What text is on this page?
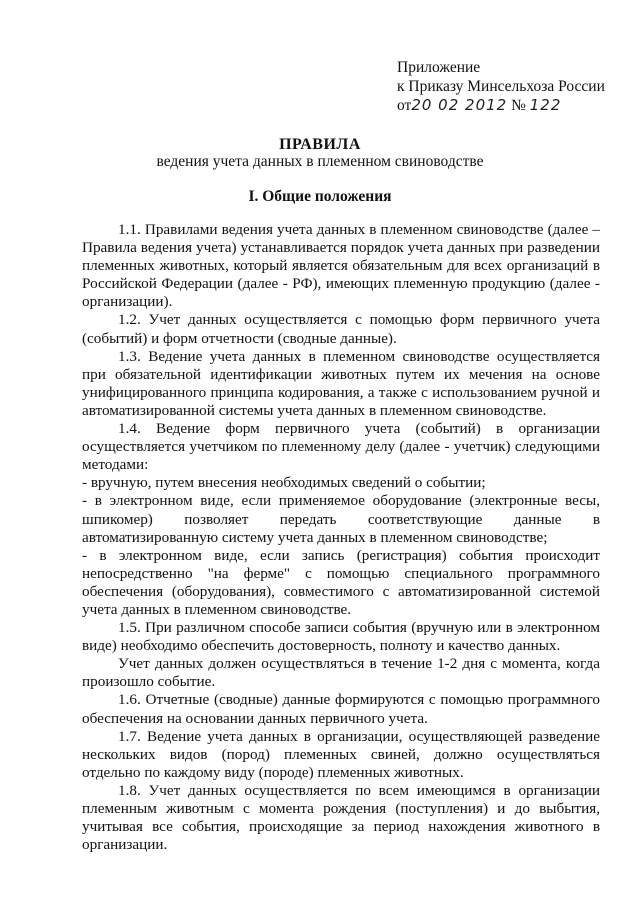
Приложение
к Приказу Минсельхоза России
от20 02 2012 № 122
ПРАВИЛА
ведения учета данных в племенном свиноводстве
I. Общие положения

1.1. Правилами ведения учета данных в племенном свиноводстве (далее – Правила ведения учета) устанавливается порядок учета данных при разведении племенных животных, который является обязательным для всех организаций в Российской Федерации (далее - РФ), имеющих племенную продукцию (далее - организации).

1.2. Учет данных осуществляется с помощью форм первичного учета (событий) и форм отчетности (сводные данные).

1.3. Ведение учета данных в племенном свиноводстве осуществляется при обязательной идентификации животных путем их мечения на основе унифицированного принципа кодирования, а также с использованием ручной и автоматизированной системы учета данных в племенном свиноводстве.

1.4. Ведение форм первичного учета (событий) в организации осуществляется учетчиком по племенному делу (далее - учетчик) следующими методами:

- вручную, путем внесения необходимых сведений о событии;

- в электронном виде, если применяемое оборудование (электронные весы, шпикомер) позволяет передать соответствующие данные в автоматизированную систему учета данных в племенном свиноводстве;

- в электронном виде, если запись (регистрация) события происходит непосредственно "на ферме" с помощью специального программного обеспечения (оборудования), совместимого с автоматизированной системой учета данных в племенном свиноводстве.

1.5. При различном способе записи события (вручную или в электронном виде) необходимо обеспечить достоверность, полноту и качество данных.

Учет данных должен осуществляться в течение 1-2 дня с момента, когда произошло событие.

1.6. Отчетные (сводные) данные формируются с помощью программного обеспечения на основании данных первичного учета.

1.7. Ведение учета данных в организации, осуществляющей разведение нескольких видов (пород) племенных свиней, должно осуществляться отдельно по каждому виду (породе) племенных животных.

1.8. Учет данных осуществляется по всем имеющимся в организации племенным животным с момента рождения (поступления) и до выбытия, учитывая все события, происходящие за период нахождения животного в организации.
